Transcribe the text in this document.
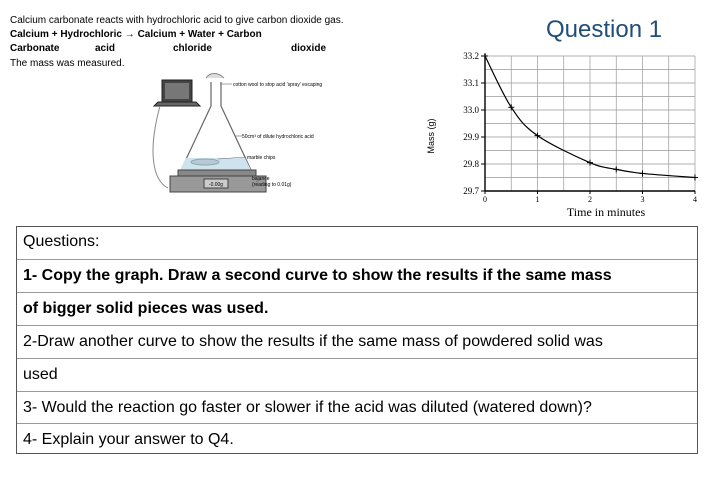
Calcium carbonate reacts with hydrochloric acid to give carbon dioxide gas.
Calcium + Hydrochloric → Calcium + Water + Carbon
Carbonate	acid	chloride	dioxide
The mass was measured.
Question 1
-0.00g
cotton wool to stop acid 'spray' escaping
50cm³ of dilute hydrochloric acid
marble chips
balance
(reading to 0.01g)
29.7
29.8
29.9
33.0
33.1
33.2
0	1	2	3	4
Mass (g)
Time in minutes
Questions:
1- Copy the graph. Draw a second curve to show the results if the same mass
of bigger solid pieces was used.
2-Draw another curve to show the results if the same mass of powdered solid was
used
3- Would the reaction go faster or slower if the acid was diluted (watered down)?
4- Explain your answer to Q4.
